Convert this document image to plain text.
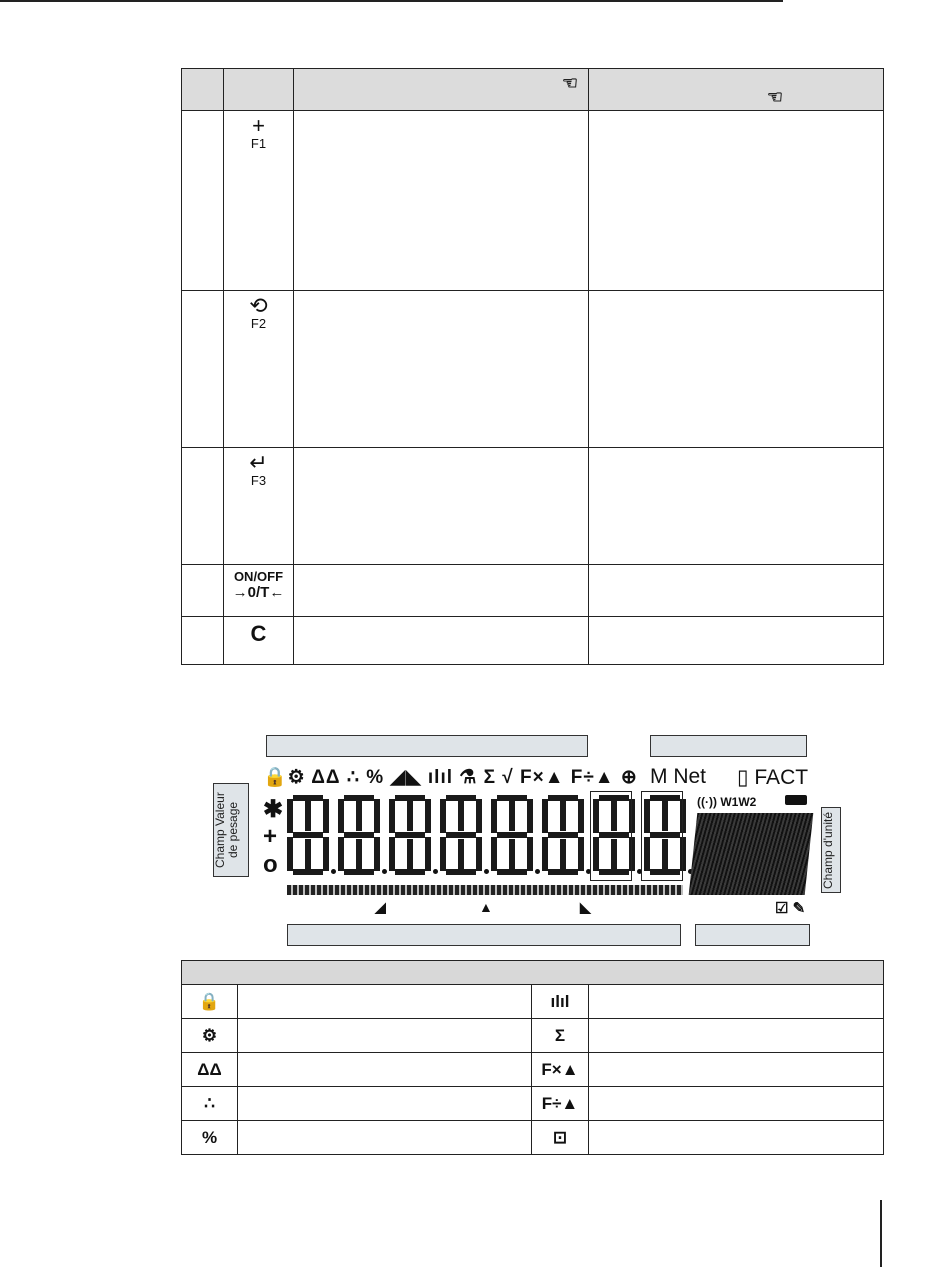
		☜	☜

	+
F1		

	⟲
F2		

	↵
F3		

	ON/OFF
→0/T←		

	C		

Champ Valeur de pesage	Champ d'unité
🔒⚙ ΔΔ ∴ % ◢◣ ılıl ⚗ Σ √ F×▲ F÷▲ ⊕ M Net ▯ FACT
✱
+
o
((·)) W1W2
◢	▲	◣	☑ ✎

🔒		ılıl	
⚙		Σ	
ΔΔ		F×▲	
∴		F÷▲	
%		⊡	
